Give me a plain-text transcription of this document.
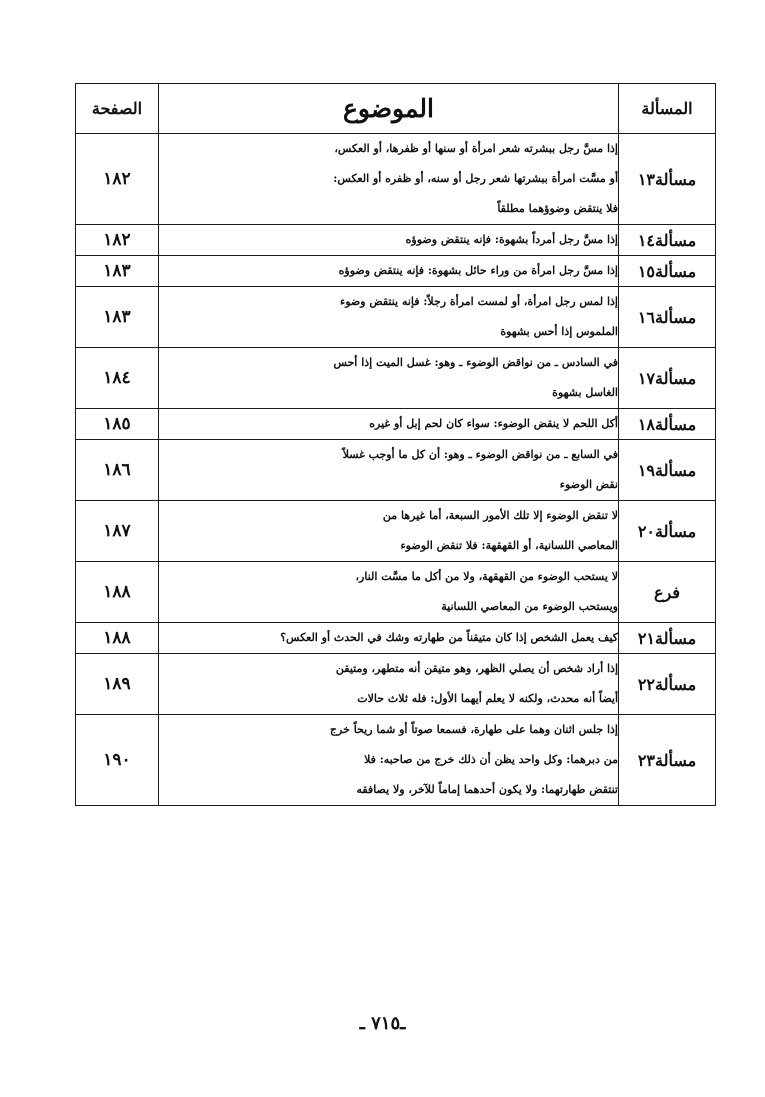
المسألة	الموضوع	الصفحة
مسألة١٣	إذا مسَّ رجل ببشرته شعر امرأة أو سنها أو ظفرها، أو العكس،
أو مسَّت امرأة ببشرتها شعر رجل أو سنه، أو ظفره أو العكس:
فلا ينتقض وضوؤهما مطلقاً	١٨٢
مسألة١٤	إذا مسَّ رجل أمرداً بشهوة: فإنه ينتقض وضوؤه	١٨٢
مسألة١٥	إذا مسَّ رجل امرأة من وراء حائل بشهوة: فإنه ينتقض وضوؤه	١٨٣
مسألة١٦	إذا لمس رجل امرأة، أو لمست امرأة رجلاً: فإنه ينتقض وضوء
الملموس إذا أحس بشهوة	١٨٣
مسألة١٧	في السادس ـ من نواقض الوضوء ـ وهو: غسل الميت إذا أحس
الغاسل بشهوة	١٨٤
مسألة١٨	أكل اللحم لا ينقض الوضوء: سواء كان لحم إبل أو غيره	١٨٥
مسألة١٩	في السابع ـ من نواقض الوضوء ـ وهو: أن كل ما أوجب غسلاً
نقض الوضوء	١٨٦
مسألة٢٠	لا تنقض الوضوء إلا تلك الأمور السبعة، أما غيرها من
المعاصي اللسانية، أو القهقهة: فلا تنقض الوضوء	١٨٧
فرع	لا يستحب الوضوء من القهقهة، ولا من أكل ما مسَّت النار،
ويستحب الوضوء من المعاصي اللسانية	١٨٨
مسألة٢١	كيف يعمل الشخص إذا كان متيقناً من طهارته وشك في الحدث أو العكس؟	١٨٨
مسألة٢٢	إذا أراد شخص أن يصلي الظهر، وهو متيقن أنه متطهر، ومتيقن
أيضاً أنه محدث، ولكنه لا يعلم أيهما الأول: فله ثلاث حالات	١٨٩
مسألة٢٣	إذا جلس اثنان وهما على طهارة، فسمعا صوتاً أو شما ريحاً خرج
من دبرهما: وكل واحد يظن أن ذلك خرج من صاحبه: فلا
تنتقض طهارتهما: ولا يكون أحدهما إماماً للآخر، ولا يصافقه	١٩٠
ـ٧١٥ ـ
